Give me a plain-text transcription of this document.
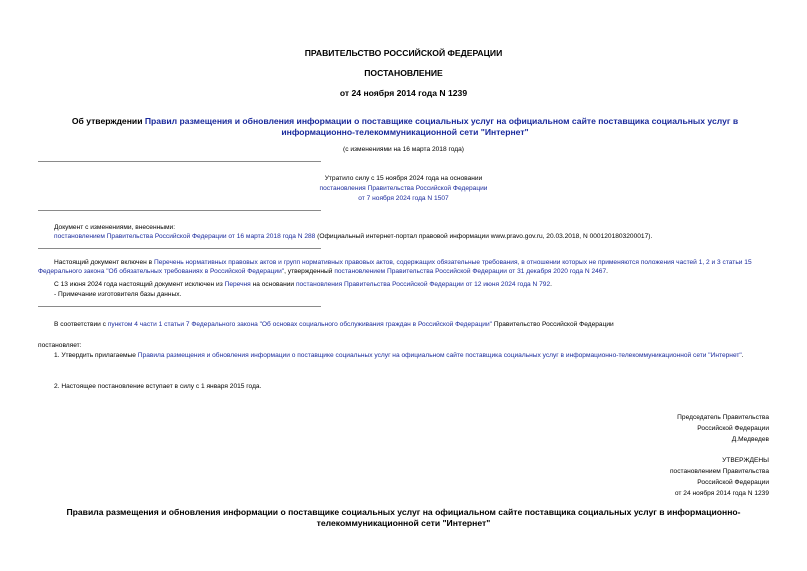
ПРАВИТЕЛЬСТВО РОССИЙСКОЙ ФЕДЕРАЦИИ
ПОСТАНОВЛЕНИЕ
от 24 ноября 2014 года N 1239
Об утверждении Правил размещения и обновления информации о поставщике социальных услуг на официальном сайте поставщика социальных услуг в информационно-телекоммуникационной сети "Интернет"
(с изменениями на 16 марта 2018 года)
Утратило силу с 15 ноября 2024 года на основании
постановления Правительства Российской Федерации
от 7 ноября 2024 года N 1507
Документ с изменениями, внесенными:
постановлением Правительства Российской Федерации от 16 марта 2018 года N 288 (Официальный интернет-портал правовой информации www.pravo.gov.ru, 20.03.2018, N 0001201803200017).
Настоящий документ включен в Перечень нормативных правовых актов и групп нормативных правовых актов, содержащих обязательные требования, в отношении которых не применяются положения частей 1, 2 и 3 статьи 15 Федерального закона "Об обязательных требованиях в Российской Федерации", утвержденный постановлением Правительства Российской Федерации от 31 декабря 2020 года N 2467.
С 13 июня 2024 года настоящий документ исключен из Перечня на основании постановления Правительства Российской Федерации от 12 июня 2024 года N 792.
- Примечание изготовителя базы данных.
В соответствии с пунктом 4 части 1 статьи 7 Федерального закона "Об основах социального обслуживания граждан в Российской Федерации" Правительство Российской Федерации
постановляет:
1. Утвердить прилагаемые Правила размещения и обновления информации о поставщике социальных услуг на официальном сайте поставщика социальных услуг в информационно-телекоммуникационной сети "Интернет".
2. Настоящее постановление вступает в силу с 1 января 2015 года.
Председатель Правительства
Российской Федерации
Д.Медведев
УТВЕРЖДЕНЫ
постановлением Правительства
Российской Федерации
от 24 ноября 2014 года N 1239
Правила размещения и обновления информации о поставщике социальных услуг на официальном сайте поставщика социальных услуг в информационно-телекоммуникационной сети "Интернет"
